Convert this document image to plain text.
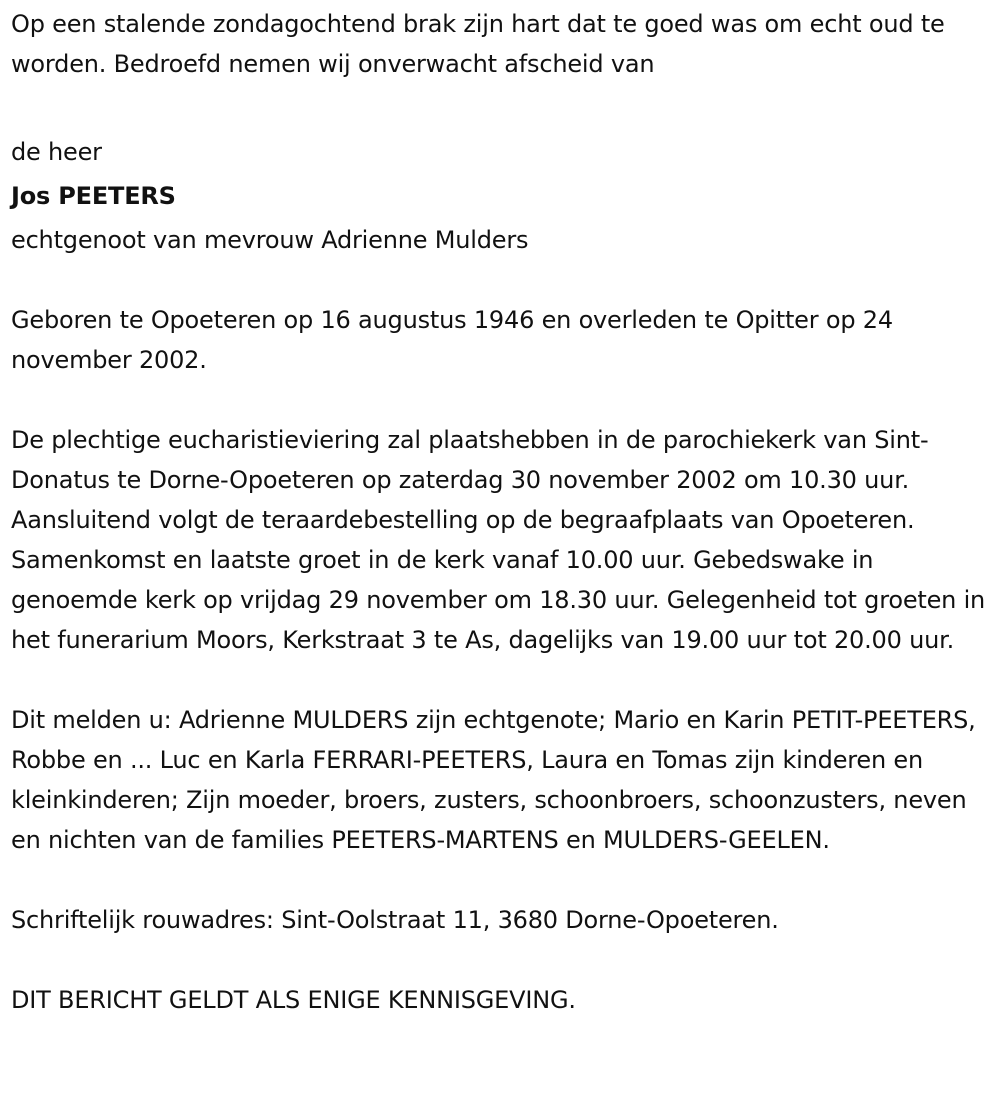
Op een stalende zondagochtend brak zijn hart dat te goed was om echt oud te worden. Bedroefd nemen wij onverwacht afscheid van

de heer

Jos PEETERS

echtgenoot van mevrouw Adrienne Mulders

Geboren te Opoeteren op 16 augustus 1946 en overleden te Opitter op 24 november 2002.

De plechtige eucharistieviering zal plaatshebben in de parochiekerk van Sint-Donatus te Dorne-Opoeteren op zaterdag 30 november 2002 om 10.30 uur. Aansluitend volgt de teraardebestelling op de begraafplaats van Opoeteren. Samenkomst en laatste groet in de kerk vanaf 10.00 uur. Gebedswake in genoemde kerk op vrijdag 29 november om 18.30 uur. Gelegenheid tot groeten in het funerarium Moors, Kerkstraat 3 te As, dagelijks van 19.00 uur tot 20.00 uur.

Dit melden u: Adrienne MULDERS zijn echtgenote; Mario en Karin PETIT-PEETERS, Robbe en ... Luc en Karla FERRARI-PEETERS, Laura en Tomas zijn kinderen en kleinkinderen; Zijn moeder, broers, zusters, schoonbroers, schoonzusters, neven en nichten van de families PEETERS-MARTENS en MULDERS-GEELEN.

Schriftelijk rouwadres: Sint-Oolstraat 11, 3680 Dorne-Opoeteren.

DIT BERICHT GELDT ALS ENIGE KENNISGEVING.
